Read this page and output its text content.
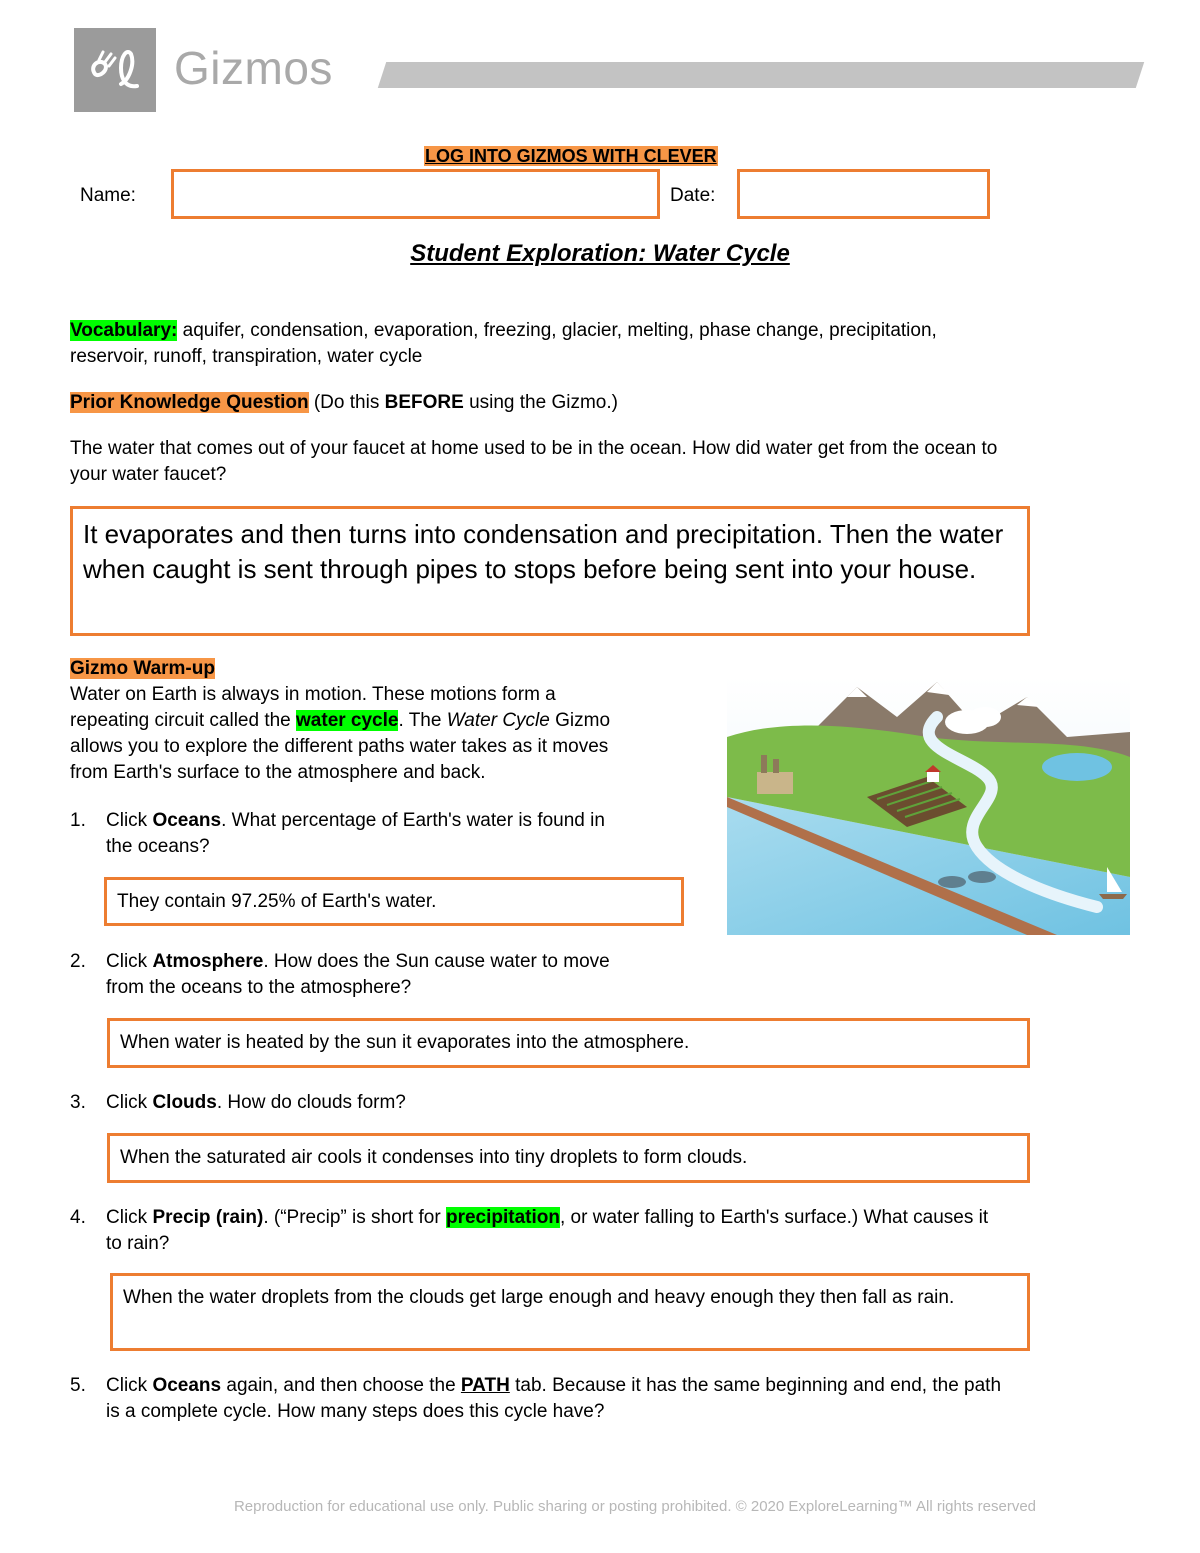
Gizmos
LOG INTO GIZMOS WITH CLEVER
Name:	Date:
Student Exploration: Water Cycle
Vocabulary: aquifer, condensation, evaporation, freezing, glacier, melting, phase change, precipitation,
reservoir, runoff, transpiration, water cycle
Prior Knowledge Question (Do this BEFORE using the Gizmo.)
The water that comes out of your faucet at home used to be in the ocean. How did water get from the ocean to
your water faucet?
It evaporates and then turns into condensation and precipitation. Then the water when caught is sent through pipes to stops before being sent into your house.
Gizmo Warm-up
Water on Earth is always in motion. These motions form a
repeating circuit called the water cycle. The Water Cycle Gizmo
allows you to explore the different paths water takes as it moves
from Earth's surface to the atmosphere and back.
1. Click Oceans. What percentage of Earth's water is found in
the oceans?
They contain 97.25% of Earth's water.
2. Click Atmosphere. How does the Sun cause water to move
from the oceans to the atmosphere?
When water is heated by the sun it evaporates into the atmosphere.
3. Click Clouds. How do clouds form?
When the saturated air cools it condenses into tiny droplets to form clouds.
4. Click Precip (rain). (“Precip” is short for precipitation, or water falling to Earth's surface.) What causes it
to rain?
When the water droplets from the clouds get large enough and heavy enough they then fall as rain.
5. Click Oceans again, and then choose the PATH tab. Because it has the same beginning and end, the path
is a complete cycle. How many steps does this cycle have?
Reproduction for educational use only. Public sharing or posting prohibited. © 2020 ExploreLearning™ All rights reserved
